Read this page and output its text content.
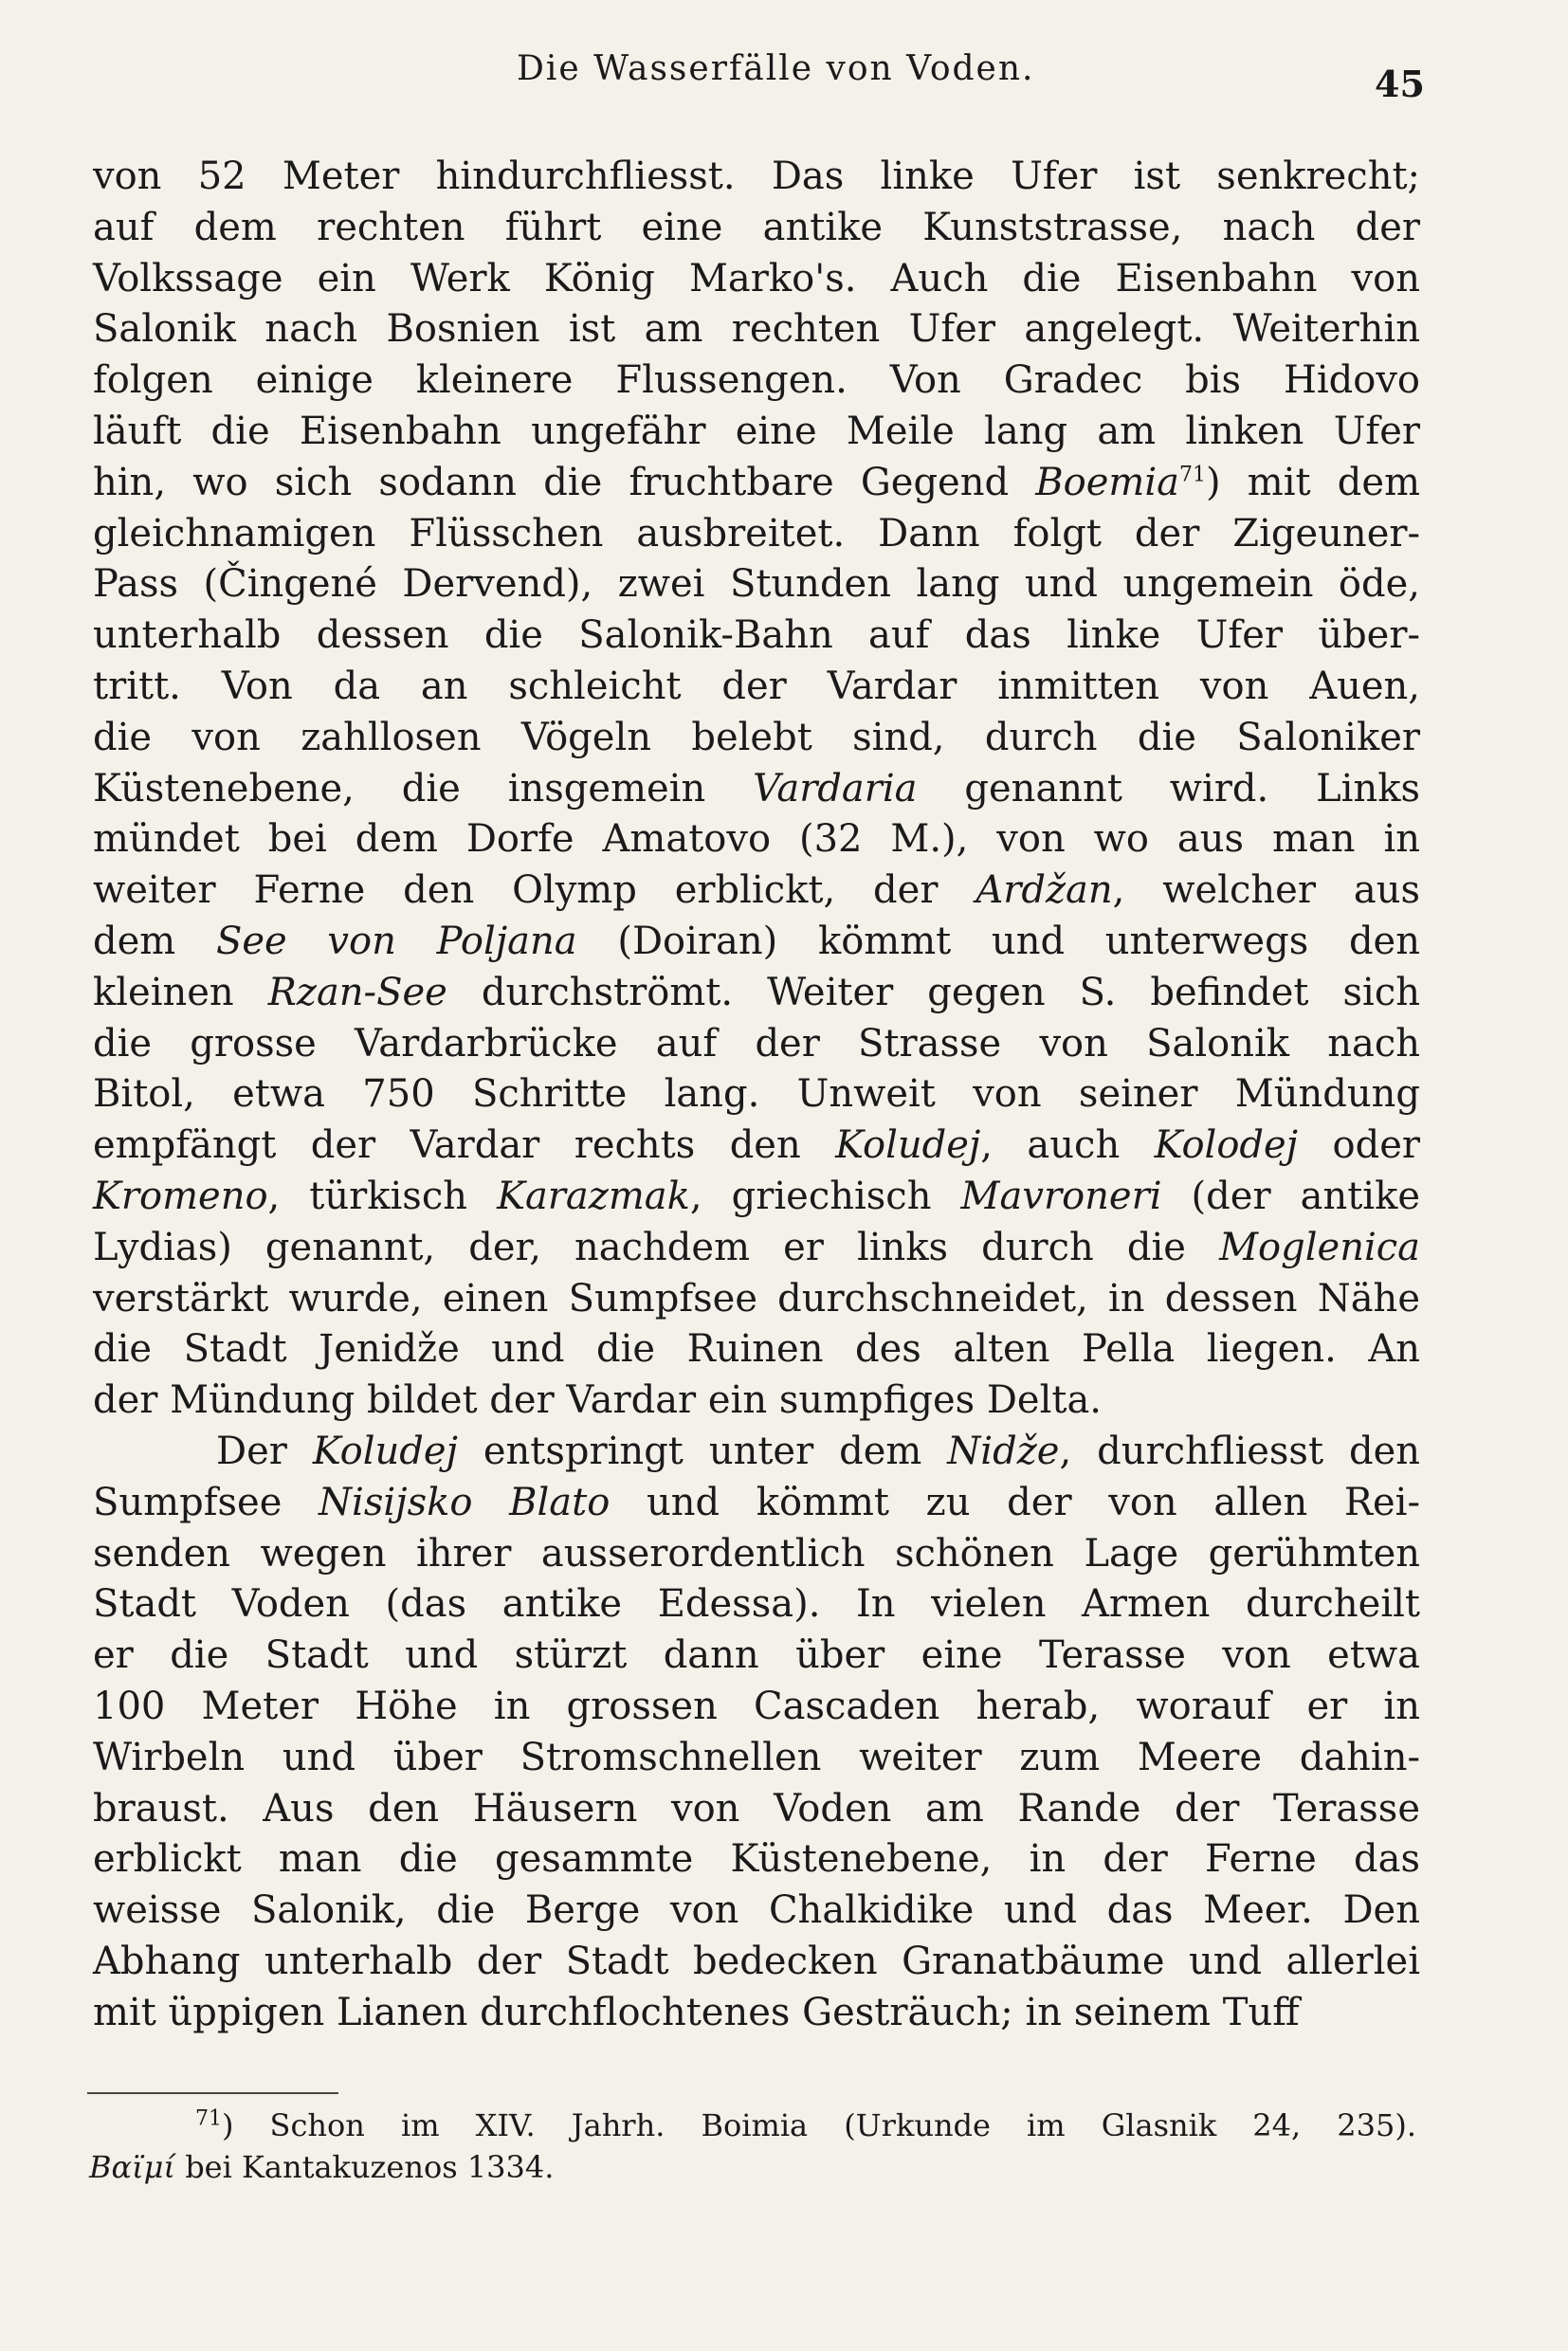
Die Wasserfälle von Voden.	45
von 52 Meter hindurchfliesst. Das linke Ufer ist senkrecht;
auf dem rechten führt eine antike Kunststrasse, nach der
Volkssage ein Werk König Marko's. Auch die Eisenbahn von
Salonik nach Bosnien ist am rechten Ufer angelegt. Weiterhin
folgen einige kleinere Flussengen. Von Gradec bis Hidovo
läuft die Eisenbahn ungefähr eine Meile lang am linken Ufer
hin, wo sich sodann die fruchtbare Gegend Boemia$^{71}$) mit dem
gleichnamigen Flüsschen ausbreitet. Dann folgt der Zigeuner-
Pass (Čingené Dervend), zwei Stunden lang und ungemein öde,
unterhalb dessen die Salonik-Bahn auf das linke Ufer über-
tritt. Von da an schleicht der Vardar inmitten von Auen,
die von zahllosen Vögeln belebt sind, durch die Saloniker
Küstenebene, die insgemein Vardaria genannt wird. Links
mündet bei dem Dorfe Amatovo (32 M.), von wo aus man in
weiter Ferne den Olymp erblickt, der Ardžan, welcher aus
dem See von Poljana (Doiran) kömmt und unterwegs den
kleinen Rzan-See durchströmt. Weiter gegen S. befindet sich
die grosse Vardarbrücke auf der Strasse von Salonik nach
Bitol, etwa 750 Schritte lang. Unweit von seiner Mündung
empfängt der Vardar rechts den Koludej, auch Kolodej oder
Kromeno, türkisch Karazmak, griechisch Mavroneri (der antike
Lydias) genannt, der, nachdem er links durch die Moglenica
verstärkt wurde, einen Sumpfsee durchschneidet, in dessen Nähe
die Stadt Jenidže und die Ruinen des alten Pella liegen. An
der Mündung bildet der Vardar ein sumpfiges Delta.
Der Koludej entspringt unter dem Nidže, durchfliesst den
Sumpfsee Nisijsko Blato und kömmt zu der von allen Rei-
senden wegen ihrer ausserordentlich schönen Lage gerühmten
Stadt Voden (das antike Edessa). In vielen Armen durcheilt
er die Stadt und stürzt dann über eine Terasse von etwa
100 Meter Höhe in grossen Cascaden herab, worauf er in
Wirbeln und über Stromschnellen weiter zum Meere dahin-
braust. Aus den Häusern von Voden am Rande der Terasse
erblickt man die gesammte Küstenebene, in der Ferne das
weisse Salonik, die Berge von Chalkidike und das Meer. Den
Abhang unterhalb der Stadt bedecken Granatbäume und allerlei
mit üppigen Lianen durchflochtenes Gesträuch; in seinem Tuff
$^{71}$) Schon im XIV. Jahrh. Boimia (Urkunde im Glasnik 24, 235).
Βαϊμί bei Kantakuzenos 1334.
